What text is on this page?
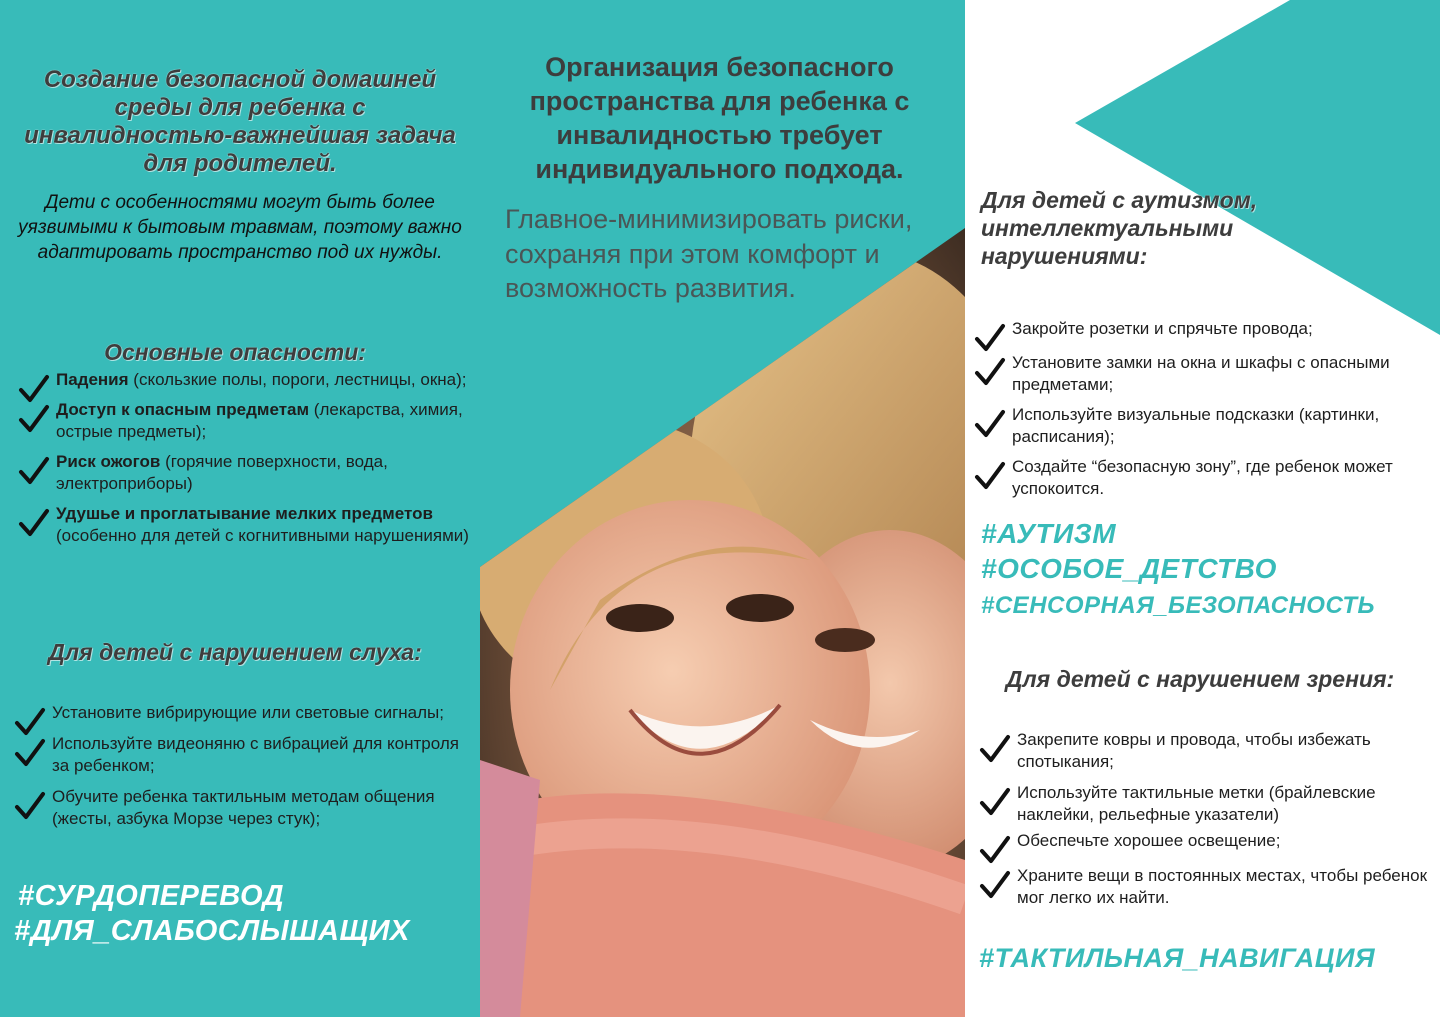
Создание безопасной домашней среды для ребенка с инвалидностью-важнейшая задача для родителей.
Дети с особенностями могут быть более уязвимыми к бытовым травмам, поэтому важно адаптировать пространство под их нужды.
Основные опасности:
Падения (скользкие полы, пороги, лестницы, окна);
Доступ к опасным предметам (лекарства, химия, острые предметы);
Риск ожогов (горячие поверхности, вода, электроприборы)
Удушье и проглатывание мелких предметов (особенно для детей с когнитивными нарушениями)
Для детей с нарушением слуха:
Установите вибрирующие или световые сигналы;
Используйте видеоняню с вибрацией для контроля за ребенком;
Обучите ребенка тактильным методам общения (жесты, азбука Морзе через стук);
#СУРДОПЕРЕВОД
#ДЛЯ_СЛАБОСЛЫШАЩИХ
Организация безопасного пространства для ребенка с инвалидностью требует индивидуального подхода.
Главное-минимизировать риски, сохраняя при этом комфорт и возможность развития.
Для детей с аутизмом, интеллектуальными нарушениями:
Закройте розетки и спрячьте провода;
Установите замки на окна и шкафы с опасными предметами;
Используйте визуальные подсказки (картинки, расписания);
Создайте “безопасную зону”, где ребенок может успокоится.
#АУТИЗМ
#ОСОБОЕ_ДЕТСТВО
#СЕНСОРНАЯ_БЕЗОПАСНОСТЬ
Для детей с нарушением зрения:
Закрепите ковры и провода, чтобы избежать спотыкания;
Используйте тактильные метки (брайлевские наклейки, рельефные указатели)
Обеспечьте хорошее освещение;
Храните вещи в постоянных местах, чтобы ребенок мог легко их найти.
#ТАКТИЛЬНАЯ_НАВИГАЦИЯ
